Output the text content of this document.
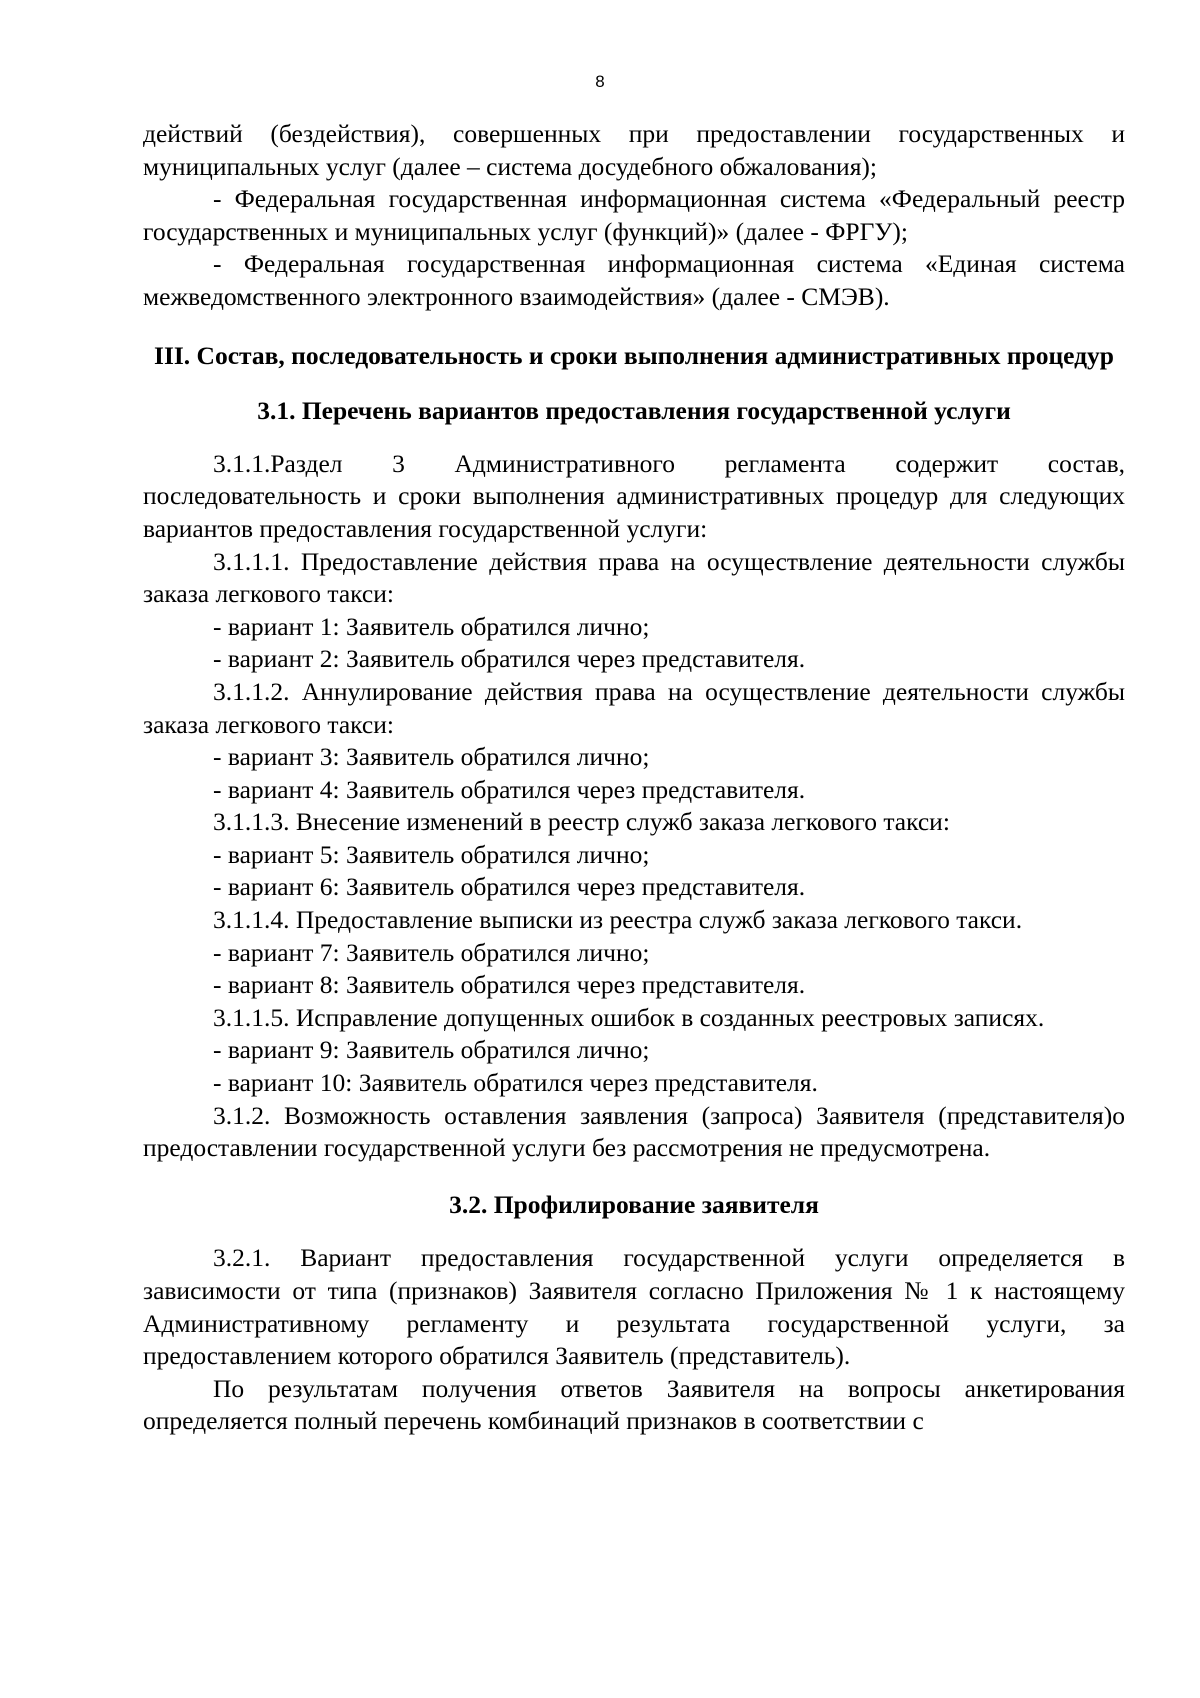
8

действий (бездействия), совершенных при предоставлении государственных и муниципальных услуг (далее – система досудебного обжалования);

- Федеральная государственная информационная система «Федеральный реестр государственных и муниципальных услуг (функций)» (далее - ФРГУ);

- Федеральная государственная информационная система «Единая система межведомственного электронного взаимодействия» (далее - СМЭВ).

III. Состав, последовательность и сроки выполнения административных процедур

3.1. Перечень вариантов предоставления государственной услуги

3.1.1.Раздел 3 Административного регламента содержит состав, последовательность и сроки выполнения административных процедур для следующих вариантов предоставления государственной услуги:

3.1.1.1. Предоставление действия права на осуществление деятельности службы заказа легкового такси:

- вариант 1: Заявитель обратился лично;

- вариант 2: Заявитель обратился через представителя.

3.1.1.2. Аннулирование действия права на осуществление деятельности службы заказа легкового такси:

- вариант 3: Заявитель обратился лично;

- вариант 4: Заявитель обратился через представителя.

3.1.1.3. Внесение изменений в реестр служб заказа легкового такси:

- вариант 5: Заявитель обратился лично;

- вариант 6: Заявитель обратился через представителя.

3.1.1.4. Предоставление выписки из реестра служб заказа легкового такси.

- вариант 7: Заявитель обратился лично;

- вариант 8: Заявитель обратился через представителя.

3.1.1.5. Исправление допущенных ошибок в созданных реестровых записях.

- вариант 9: Заявитель обратился лично;

- вариант 10: Заявитель обратился через представителя.

3.1.2. Возможность оставления заявления (запроса) Заявителя (представителя)о предоставлении государственной услуги без рассмотрения не предусмотрена.

3.2. Профилирование заявителя

3.2.1. Вариант предоставления государственной услуги определяется в зависимости от типа (признаков) Заявителя согласно Приложения № 1 к настоящему Административному регламенту и результата государственной услуги, за предоставлением которого обратился Заявитель (представитель).

По результатам получения ответов Заявителя на вопросы анкетирования определяется полный перечень комбинаций признаков в соответствии с
